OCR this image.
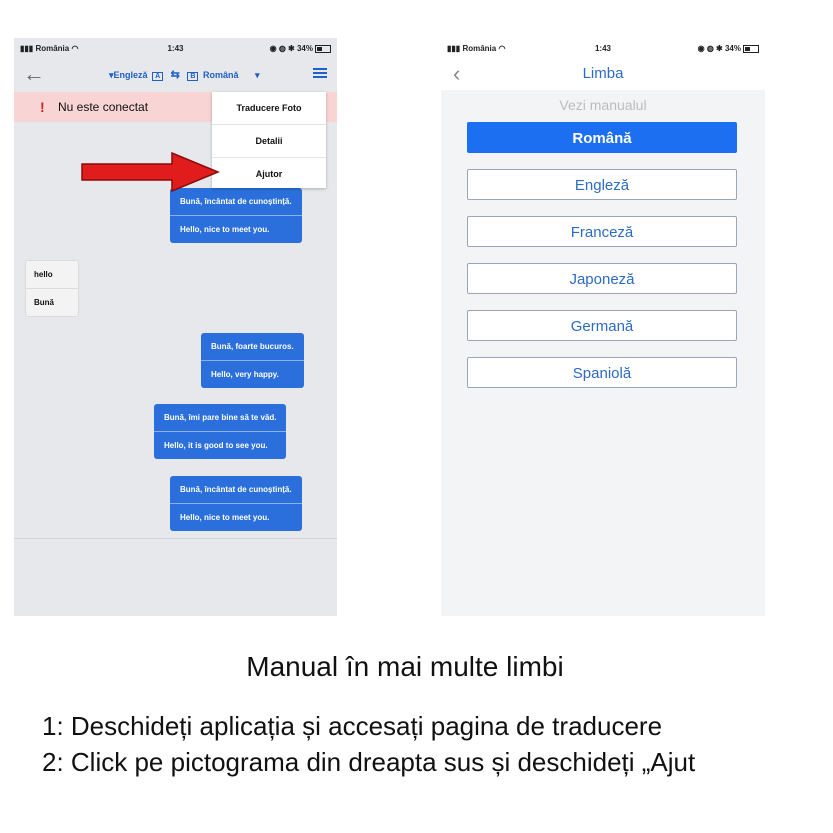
▮▮▮ România ◠	1:43	◉ ◍ ✱ 34%
←	▾Engleză A ⇆ B Română ▾
! Nu este conectat
Bună, încântat de cunoștință.
Hello, nice to meet you.
hello
Bună
Bună, foarte bucuros.
Hello, very happy.
Bună, îmi pare bine să te văd.
Hello, it is good to see you.
Bună, încântat de cunoștință.
Hello, nice to meet you.
Traducere Foto
Detalii
Ajutor
▮▮▮ România ◠	1:43	◉ ◍ ✱ 34%
‹	Limba
Vezi manualul
Română
Engleză
Franceză
Japoneză
Germană
Spaniolă
Manual în mai multe limbi
1: Deschideți aplicația și accesați pagina de traducere
2: Click pe pictograma din dreapta sus și deschideți „Ajut
